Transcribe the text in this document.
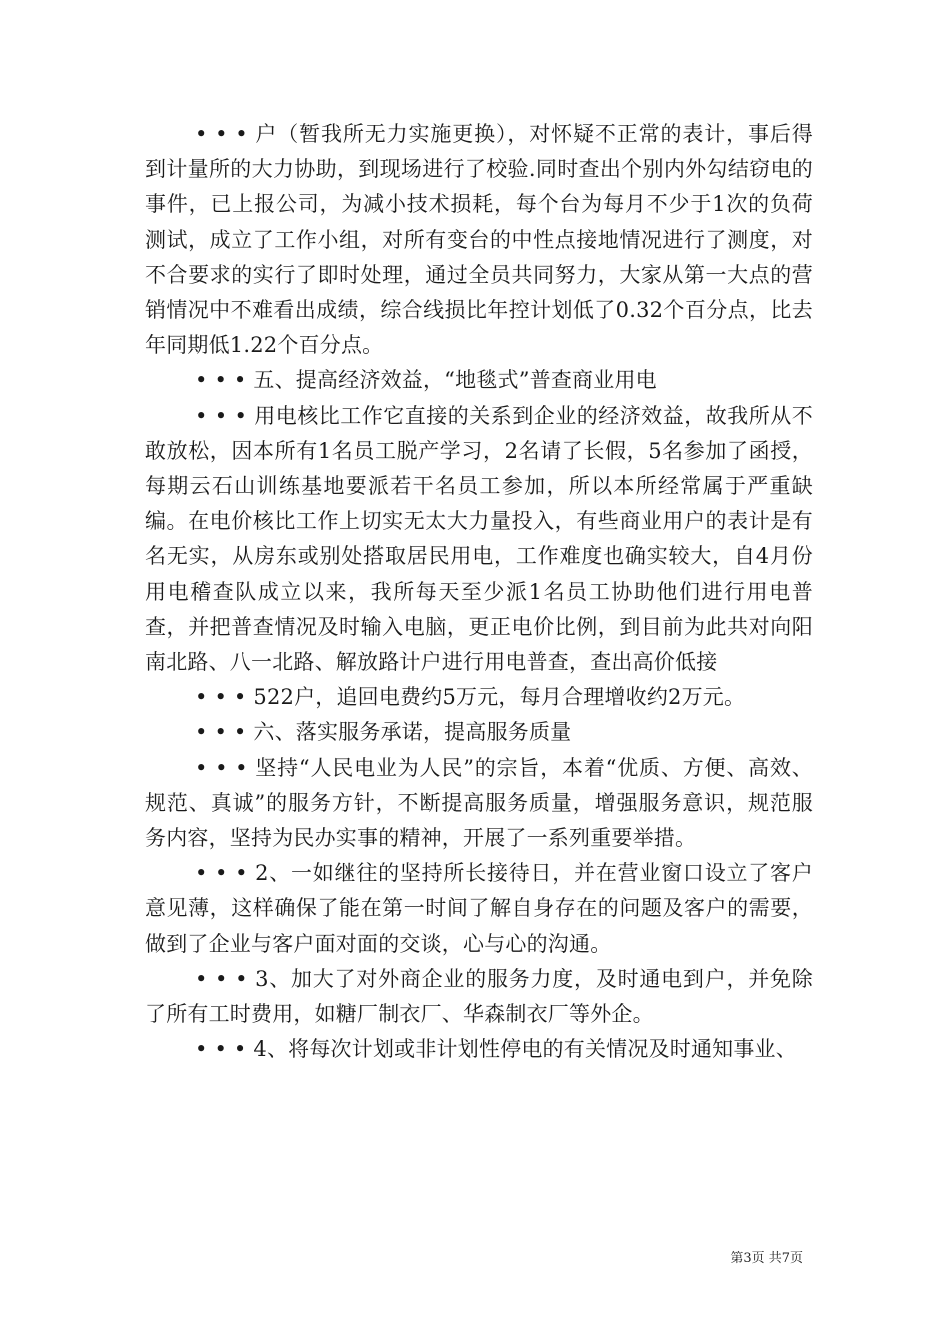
• • • 户（暂我所无力实施更换），对怀疑不正常的表计，事后得到计量所的大力协助，到现场进行了校验.同时查出个别内外勾结窃电的事件，已上报公司，为减小技术损耗，每个台为每月不少于1次的负荷测试，成立了工作小组，对所有变台的中性点接地情况进行了测度，对不合要求的实行了即时处理，通过全员共同努力，大家从第一大点的营销情况中不难看出成绩，综合线损比年控计划低了0.32个百分点，比去年同期低1.22个百分点。

• • • 五、提高经济效益，“地毯式”普查商业用电

• • • 用电核比工作它直接的关系到企业的经济效益，故我所从不敢放松，因本所有1名员工脱产学习，2名请了长假，5名参加了函授，每期云石山训练基地要派若干名员工参加，所以本所经常属于严重缺编。在电价核比工作上切实无太大力量投入，有些商业用户的表计是有名无实，从房东或别处搭取居民用电，工作难度也确实较大，自4月份用电稽查队成立以来，我所每天至少派1名员工协助他们进行用电普查，并把普查情况及时输入电脑，更正电价比例，到目前为此共对向阳南北路、八一北路、解放路计户进行用电普查，查出高价低接

• • • 522户，追回电费约5万元，每月合理增收约2万元。

• • • 六、落实服务承诺，提高服务质量

• • • 坚持“人民电业为人民”的宗旨，本着“优质、方便、高效、规范、真诚”的服务方针，不断提高服务质量，增强服务意识，规范服务内容，坚持为民办实事的精神，开展了一系列重要举措。

• • • 2、一如继往的坚持所长接待日，并在营业窗口设立了客户意见薄，这样确保了能在第一时间了解自身存在的问题及客户的需要，做到了企业与客户面对面的交谈，心与心的沟通。

• • • 3、加大了对外商企业的服务力度，及时通电到户，并免除了所有工时费用，如糖厂制衣厂、华森制衣厂等外企。

• • • 4、将每次计划或非计划性停电的有关情况及时通知事业、

第3页 共7页
